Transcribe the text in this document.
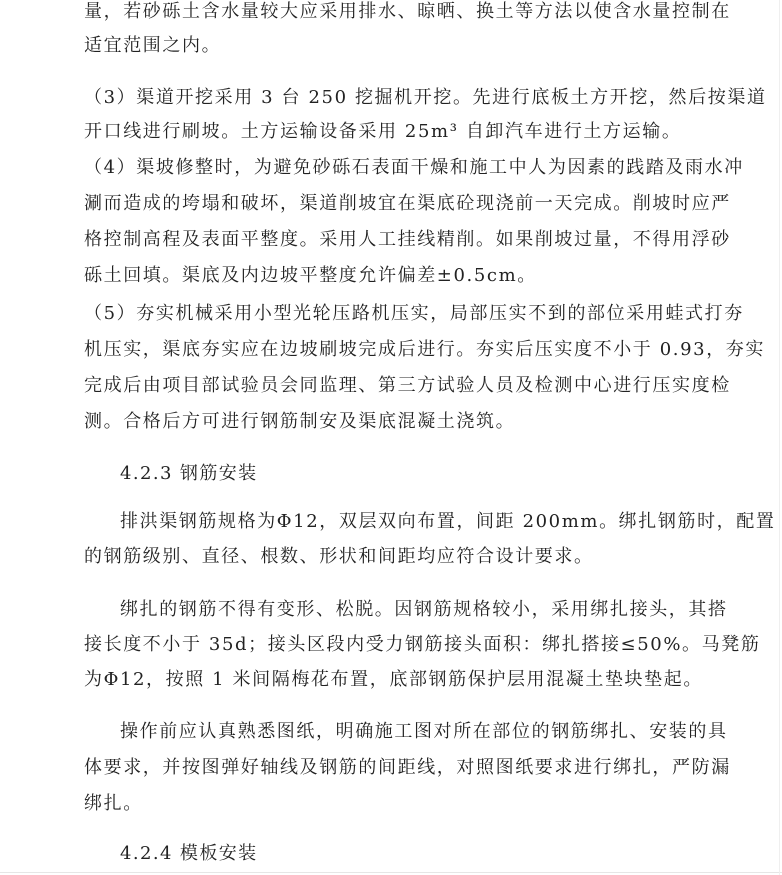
量，若砂砾土含水量较大应采用排水、晾晒、换土等方法以使含水量控制在
适宜范围之内。
（3）渠道开挖采用 3 台 250 挖掘机开挖。先进行底板土方开挖，然后按渠道
开口线进行刷坡。土方运输设备采用 25m³ 自卸汽车进行土方运输。
（4）渠坡修整时，为避免砂砾石表面干燥和施工中人为因素的践踏及雨水冲
涮而造成的垮塌和破坏，渠道削坡宜在渠底砼现浇前一天完成。削坡时应严
格控制高程及表面平整度。采用人工挂线精削。如果削坡过量，不得用浮砂
砾土回填。渠底及内边坡平整度允许偏差±0.5cm。
（5）夯实机械采用小型光轮压路机压实，局部压实不到的部位采用蛙式打夯
机压实，渠底夯实应在边坡刷坡完成后进行。夯实后压实度不小于 0.93，夯实
完成后由项目部试验员会同监理、第三方试验人员及检测中心进行压实度检
测。合格后方可进行钢筋制安及渠底混凝土浇筑。
4.2.3 钢筋安装
排洪渠钢筋规格为Φ12，双层双向布置，间距 200mm。绑扎钢筋时，配置
的钢筋级别、直径、根数、形状和间距均应符合设计要求。
绑扎的钢筋不得有变形、松脱。因钢筋规格较小，采用绑扎接头，其搭
接长度不小于 35d；接头区段内受力钢筋接头面积：绑扎搭接≤50%。马凳筋
为Φ12，按照 1 米间隔梅花布置，底部钢筋保护层用混凝土垫块垫起。
操作前应认真熟悉图纸，明确施工图对所在部位的钢筋绑扎、安装的具
体要求，并按图弹好轴线及钢筋的间距线，对照图纸要求进行绑扎，严防漏
绑扎。
4.2.4 模板安装
